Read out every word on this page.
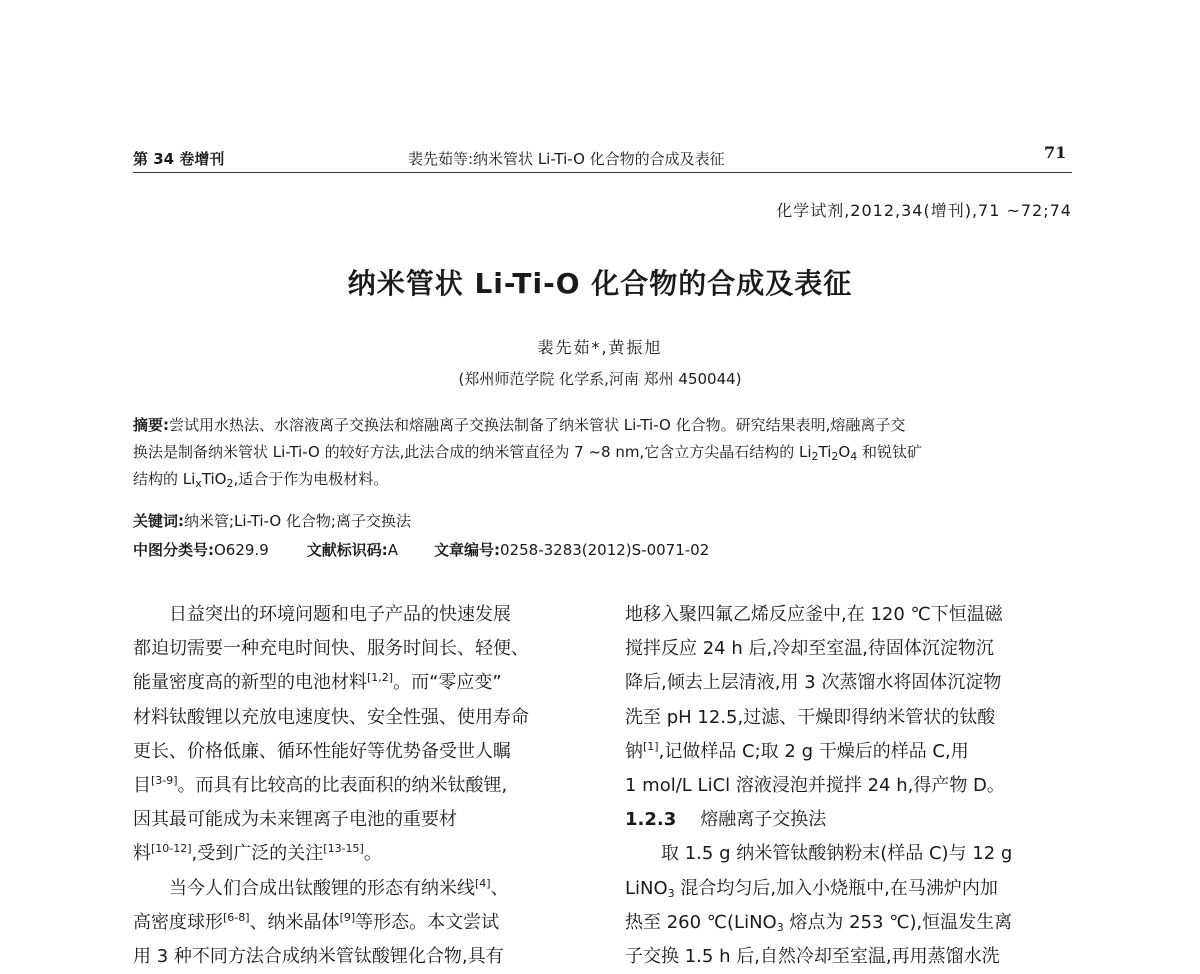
第 34 卷增刊	裴先茹等:纳米管状 Li-Ti-O 化合物的合成及表征	71
化学试剂,2012,34(增刊),71 ~72;74
纳米管状 Li-Ti-O 化合物的合成及表征
裴先茹*,黄振旭
(郑州师范学院 化学系,河南 郑州 450044)
摘要:尝试用水热法、水溶液离子交换法和熔融离子交换法制备了纳米管状 Li-Ti-O 化合物。研究结果表明,熔融离子交
换法是制备纳米管状 Li-Ti-O 的较好方法,此法合成的纳米管直径为 7 ~8 nm,它含立方尖晶石结构的 $Li_2Ti_2O_4$ 和锐钛矿
结构的 $Li_xTiO_2$,适合于作为电极材料。
关键词:纳米管;Li-Ti-O 化合物;离子交换法
中图分类号:O629.9	文献标识码:A 文章编号:0258-3283(2012)S-0071-02
日益突出的环境问题和电子产品的快速发展
都迫切需要一种充电时间快、服务时间长、轻便、
能量密度高的新型的电池材料[1,2]。而“零应变”
材料钛酸锂以充放电速度快、安全性强、使用寿命
更长、价格低廉、循环性能好等优势备受世人瞩
目[3-9]。而具有比较高的比表面积的纳米钛酸锂,
因其最可能成为未来锂离子电池的重要材
料[10-12],受到广泛的关注[13-15]。
当今人们合成出钛酸锂的形态有纳米线[4]、
高密度球形[6-8]、纳米晶体[9]等形态。本文尝试
用 3 种不同方法合成纳米管钛酸锂化合物,具有
地移入聚四氟乙烯反应釜中,在 120 ℃下恒温磁
搅拌反应 24 h 后,冷却至室温,待固体沉淀物沉
降后,倾去上层清液,用 3 次蒸馏水将固体沉淀物
洗至 pH 12.5,过滤、干燥即得纳米管状的钛酸
钠[1],记做样品 C;取 2 g 干燥后的样品 C,用
1 mol/L LiCl 溶液浸泡并搅拌 24 h,得产物 D。
1.2.3 熔融离子交换法
取 1.5 g 纳米管钛酸钠粉末(样品 C)与 12 g
LiNO$_3$ 混合均匀后,加入小烧瓶中,在马沸炉内加
热至 260 ℃(LiNO$_3$ 熔点为 253 ℃),恒温发生离
子交换 1.5 h 后,自然冷却至室温,再用蒸馏水洗
